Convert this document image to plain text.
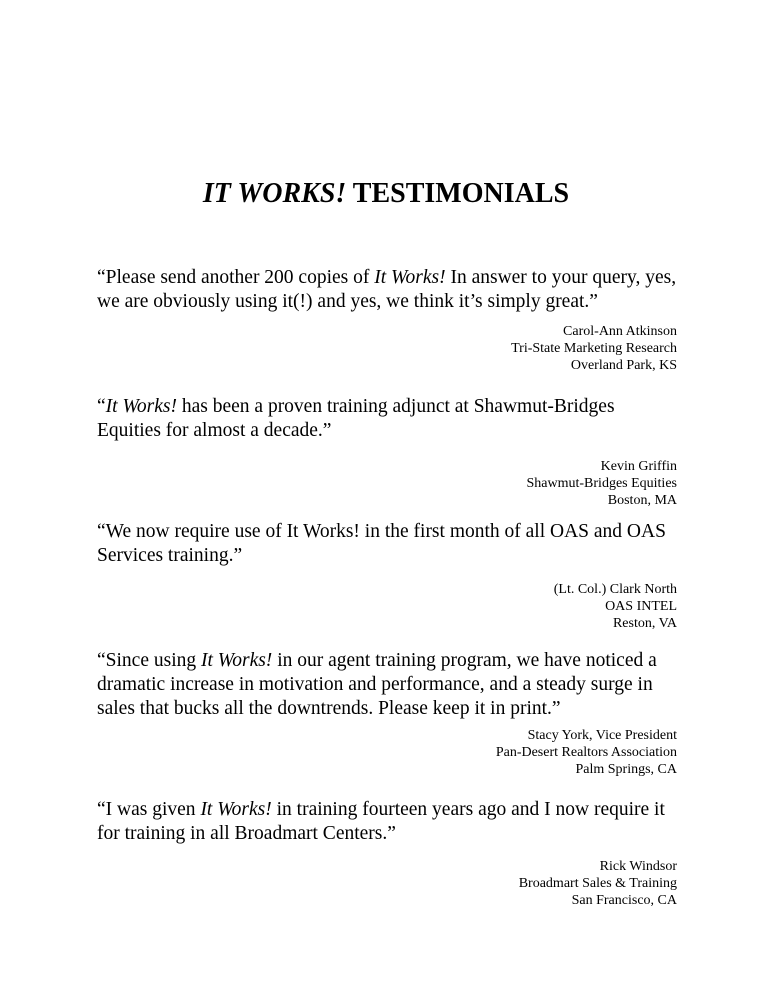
IT WORKS! TESTIMONIALS

“Please send another 200 copies of It Works! In answer to your query, yes, we are obviously using it(!) and yes, we think it’s simply great.”

Carol-Ann Atkinson
Tri-State Marketing Research
Overland Park, KS

“It Works! has been a proven training adjunct at Shawmut-Bridges Equities for almost a decade.”

Kevin Griffin
Shawmut-Bridges Equities
Boston, MA

“We now require use of It Works! in the first month of all OAS and OAS Services training.”

(Lt. Col.) Clark North
OAS INTEL
Reston, VA

“Since using It Works! in our agent training program, we have noticed a dramatic increase in motivation and performance, and a steady surge in sales that bucks all the downtrends. Please keep it in print.”

Stacy York, Vice President
Pan-Desert Realtors Association
Palm Springs, CA

“I was given It Works! in training fourteen years ago and I now require it for training in all Broadmart Centers.”

Rick Windsor
Broadmart Sales & Training
San Francisco, CA
